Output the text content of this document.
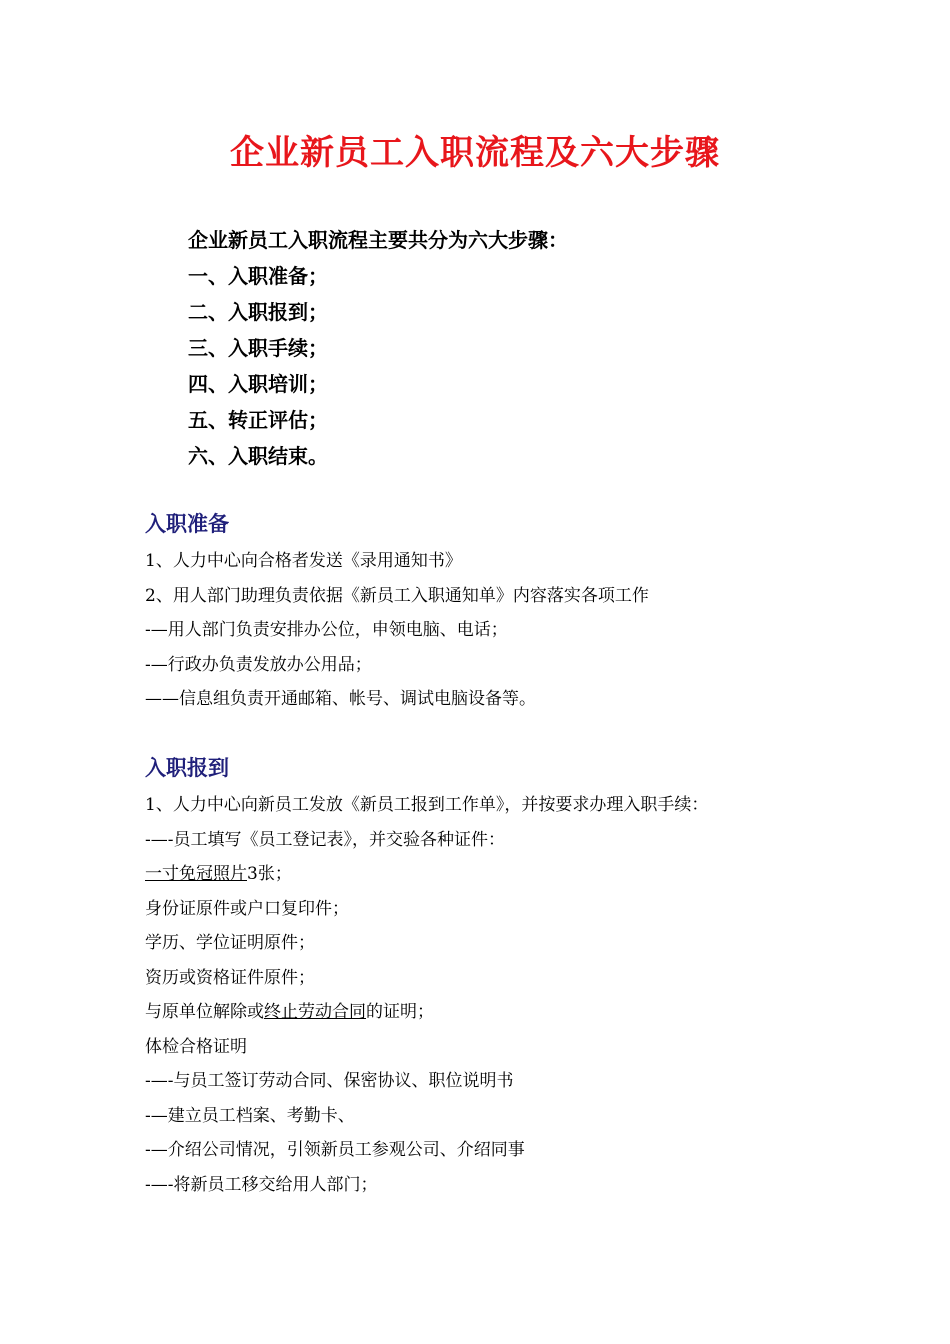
企业新员工入职流程及六大步骤
企业新员工入职流程主要共分为六大步骤：
一、入职准备；
二、入职报到；
三、入职手续；
四、入职培训；
五、转正评估；
六、入职结束。
入职准备
1、人力中心向合格者发送《录用通知书》
2、用人部门助理负责依据《新员工入职通知单》内容落实各项工作
-—用人部门负责安排办公位，申领电脑、电话；
-—行政办负责发放办公用品；
——信息组负责开通邮箱、帐号、调试电脑设备等。
入职报到
1、人力中心向新员工发放《新员工报到工作单》，并按要求办理入职手续：
-—-员工填写《员工登记表》，并交验各种证件：
一寸免冠照片3张；
身份证原件或户口复印件；
学历、学位证明原件；
资历或资格证件原件；
与原单位解除或终止劳动合同的证明；
体检合格证明
-—-与员工签订劳动合同、保密协议、职位说明书
-—建立员工档案、考勤卡、
-—介绍公司情况，引领新员工参观公司、介绍同事
-—-将新员工移交给用人部门；
